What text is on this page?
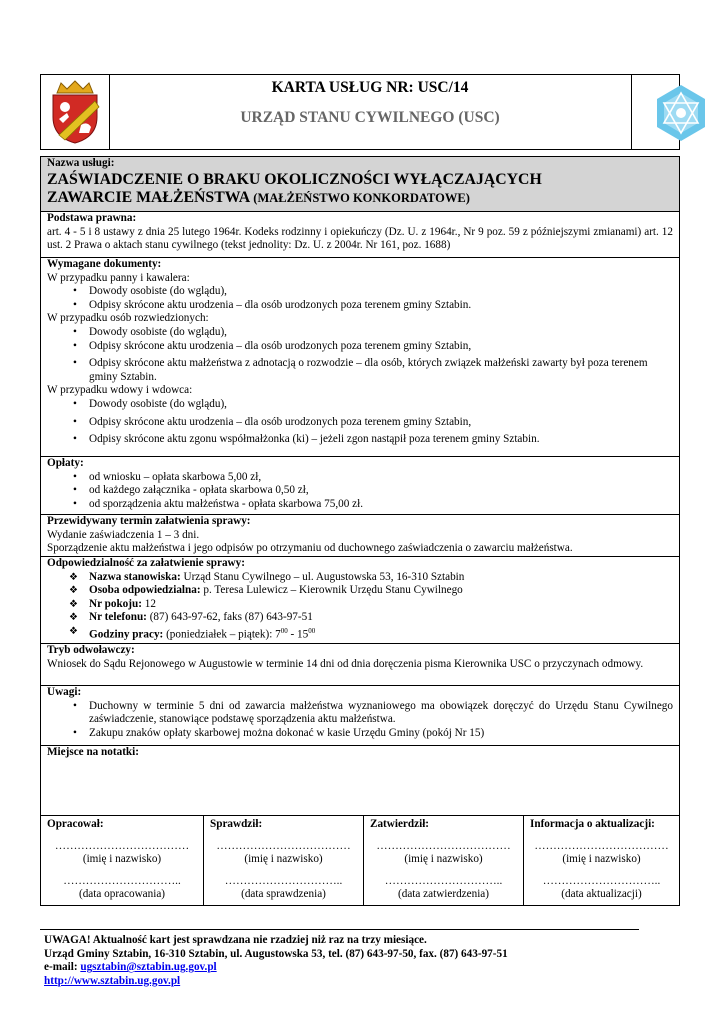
KARTA USŁUG NR: USC/14
URZĄD STANU CYWILNEGO (USC)
Nazwa usługi:
ZAŚWIADCZENIE O BRAKU OKOLICZNOŚCI WYŁĄCZAJĄCYCH
ZAWARCIE MAŁŻEŃSTWA (MAŁŻEŃSTWO KONKORDATOWE)
Podstawa prawna:

art. 4 - 5 i 8 ustawy z dnia 25 lutego 1964r. Kodeks rodzinny i opiekuńczy (Dz. U. z 1964r., Nr 9 poz. 59 z późniejszymi zmianami) art. 12 ust. 2 Prawa o aktach stanu cywilnego (tekst jednolity: Dz. U. z 2004r. Nr 161, poz. 1688)

Wymagane dokumenty:

W przypadku panny i kawalera:

• Dowody osobiste (do wglądu),
• Odpisy skrócone aktu urodzenia – dla osób urodzonych poza terenem gminy Sztabin.

W przypadku osób rozwiedzionych:

• Dowody osobiste (do wglądu),
• Odpisy skrócone aktu urodzenia – dla osób urodzonych poza terenem gminy Sztabin,
• Odpisy skrócone aktu małżeństwa z adnotacją o rozwodzie – dla osób, których związek małżeński zawarty był poza terenem gminy Sztabin.

W przypadku wdowy i wdowca:

• Dowody osobiste (do wglądu),
• Odpisy skrócone aktu urodzenia – dla osób urodzonych poza terenem gminy Sztabin,
• Odpisy skrócone aktu zgonu współmałżonka (ki) – jeżeli zgon nastąpił poza terenem gminy Sztabin.
Opłaty:
• od wniosku – opłata skarbowa 5,00 zł,
• od każdego załącznika - opłata skarbowa 0,50 zł,
• od sporządzenia aktu małżeństwa - opłata skarbowa 75,00 zł.
Przewidywany termin załatwienia sprawy:

Wydanie zaświadczenia 1 – 3 dni.

Sporządzenie aktu małżeństwa i jego odpisów po otrzymaniu od duchownego zaświadczenia o zawarciu małżeństwa.

Odpowiedzialność za załatwienie sprawy:
❖ Nazwa stanowiska: Urząd Stanu Cywilnego – ul. Augustowska 53, 16-310 Sztabin
❖ Osoba odpowiedzialna: p. Teresa Lulewicz – Kierownik Urzędu Stanu Cywilnego
❖ Nr pokoju: 12
❖ Nr telefonu: (87) 643-97-62, faks (87) 643-97-51
❖ Godziny pracy: (poniedziałek – piątek): $7^{00} - 15^{00}$
Tryb odwoławczy:

Wniosek do Sądu Rejonowego w Augustowie w terminie 14 dni od dnia doręczenia pisma Kierownika USC o przyczynach odmowy.

Uwagi:
• Duchowny w terminie 5 dni od zawarcia małżeństwa wyznaniowego ma obowiązek doręczyć do Urzędu Stanu Cywilnego zaświadczenie, stanowiące podstawę sporządzenia aktu małżeństwa.
• Zakupu znaków opłaty skarbowej można dokonać w kasie Urzędu Gminy (pokój Nr 15)
Miejsce na notatki:
Opracował:
………………………………
(imię i nazwisko)
…………………………..
(data opracowania)
Sprawdził:
………………………………
(imię i nazwisko)
…………………………..
(data sprawdzenia)
Zatwierdził:
………………………………
(imię i nazwisko)
…………………………..
(data zatwierdzenia)
Informacja o aktualizacji:
………………………………
(imię i nazwisko)
…………………………..
(data aktualizacji)
UWAGA! Aktualność kart jest sprawdzana nie rzadziej niż raz na trzy miesiące.
Urząd Gminy Sztabin, 16-310 Sztabin, ul. Augustowska 53, tel. (87) 643-97-50, fax. (87) 643-97-51
e-mail: ugsztabin@sztabin.ug.gov.pl
http://www.sztabin.ug.gov.pl
